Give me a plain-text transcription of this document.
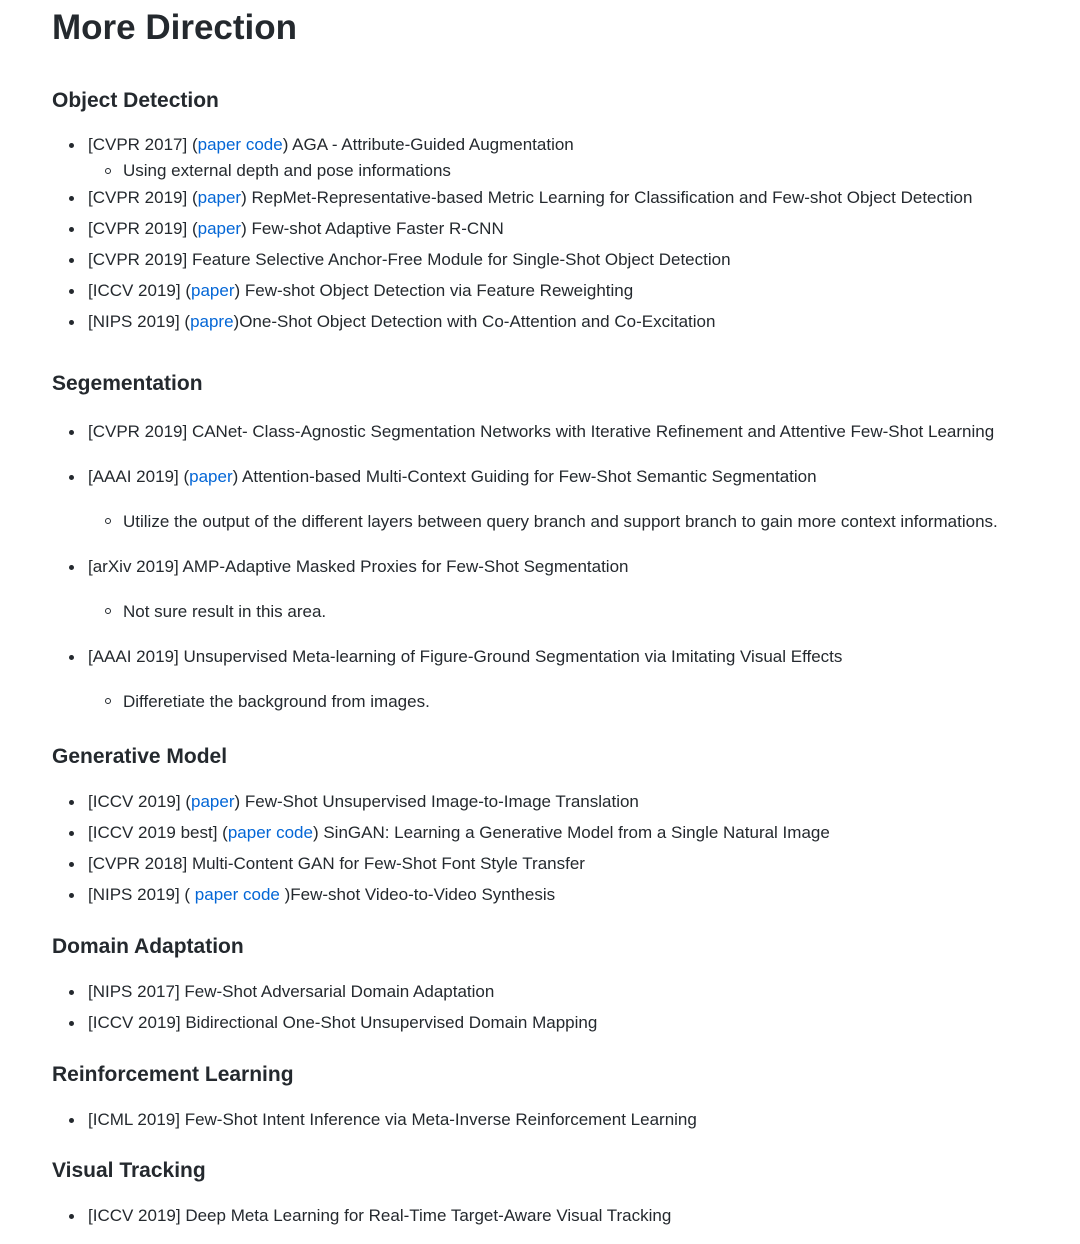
More Direction
Object Detection
[CVPR 2017] (paper code) AGA - Attribute-Guided Augmentation
Using external depth and pose informations
[CVPR 2019] (paper) RepMet-Representative-based Metric Learning for Classification and Few-shot Object Detection
[CVPR 2019] (paper) Few-shot Adaptive Faster R-CNN
[CVPR 2019] Feature Selective Anchor-Free Module for Single-Shot Object Detection
[ICCV 2019] (paper) Few-shot Object Detection via Feature Reweighting
[NIPS 2019] (papre)One-Shot Object Detection with Co-Attention and Co-Excitation
Segementation
[CVPR 2019] CANet- Class-Agnostic Segmentation Networks with Iterative Refinement and Attentive Few-Shot Learning
[AAAI 2019] (paper) Attention-based Multi-Context Guiding for Few-Shot Semantic Segmentation
Utilize the output of the different layers between query branch and support branch to gain more context informations.
[arXiv 2019] AMP-Adaptive Masked Proxies for Few-Shot Segmentation
Not sure result in this area.
[AAAI 2019] Unsupervised Meta-learning of Figure-Ground Segmentation via Imitating Visual Effects
Differetiate the background from images.
Generative Model
[ICCV 2019] (paper) Few-Shot Unsupervised Image-to-Image Translation
[ICCV 2019 best] (paper code) SinGAN: Learning a Generative Model from a Single Natural Image
[CVPR 2018] Multi-Content GAN for Few-Shot Font Style Transfer
[NIPS 2019] ( paper code )Few-shot Video-to-Video Synthesis
Domain Adaptation
[NIPS 2017] Few-Shot Adversarial Domain Adaptation
[ICCV 2019] Bidirectional One-Shot Unsupervised Domain Mapping
Reinforcement Learning
[ICML 2019] Few-Shot Intent Inference via Meta-Inverse Reinforcement Learning
Visual Tracking
[ICCV 2019] Deep Meta Learning for Real-Time Target-Aware Visual Tracking
